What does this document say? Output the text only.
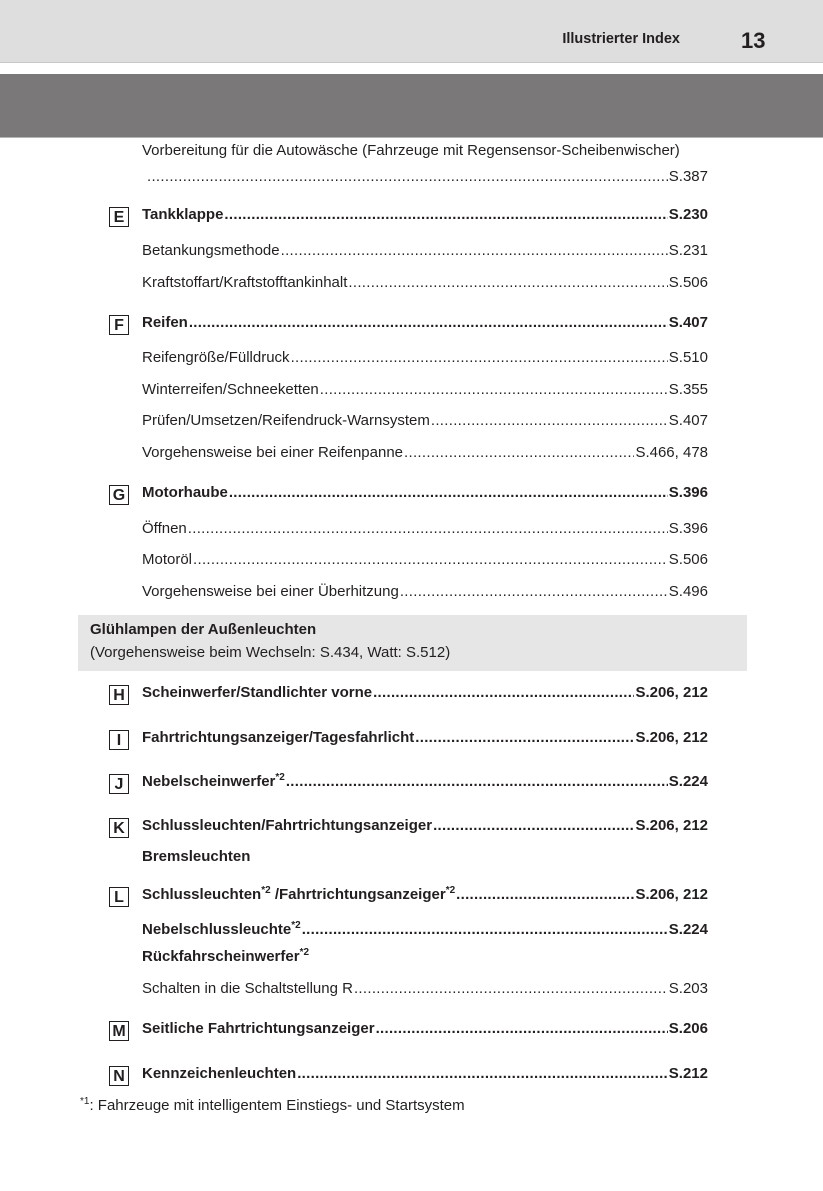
Illustrierter Index	13
Vorbereitung für die Autowäsche (Fahrzeuge mit Regensensor-Scheibenwischer)
.....
S.387
Glühlampen der Außenleuchten
(Vorgehensweise beim Wechseln: S.434, Watt: S.512)
E	Tankklappe .....	S.230
Betankungsmethode .....	S.231
Kraftstoffart/Kraftstofftankinhalt .....	S.506
F	Reifen .....	S.407
Reifengröße/Fülldruck .....	S.510
Winterreifen/Schneeketten .....	S.355
Prüfen/Umsetzen/Reifendruck-Warnsystem .....	S.407
Vorgehensweise bei einer Reifenpanne .....	S.466, 478
G Motorhaube .....	S.396
Öffnen .....	S.396
Motoröl .....	S.506
Vorgehensweise bei einer Überhitzung .....	S.496
H Scheinwerfer/Standlichter vorne .....	S.206, 212
I	Fahrtrichtungsanzeiger/Tagesfahrlicht .....	S.206, 212
J	Nebelscheinwerfer$^{*2}$ .....	S.224
K Schlussleuchten/Fahrtrichtungsanzeiger .....	S.206, 212
Bremsleuchten
L	Schlussleuchten$^{*2}$ /Fahrtrichtungsanzeiger$^{*2}$ .....	S.206, 212
Nebelschlussleuchte$^{*2}$ .....	S.224
Rückfahrscheinwerfer$^{*2}$
Schalten in die Schaltstellung R .....	S.203
M Seitliche Fahrtrichtungsanzeiger .....	S.206
N Kennzeichenleuchten .....	S.212
$^{*1}$: Fahrzeuge mit intelligentem Einstiegs- und Startsystem
